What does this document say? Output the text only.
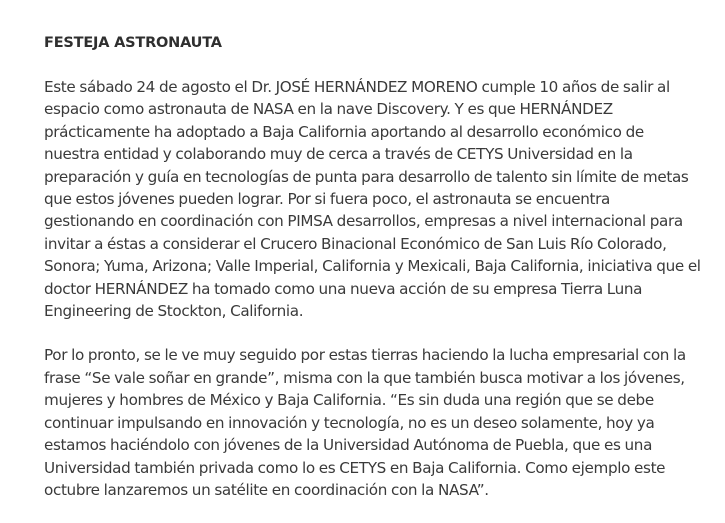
FESTEJA ASTRONAUTA

Este sábado 24 de agosto el Dr. JOSÉ HERNÁNDEZ MORENO cumple 10 años de salir al
espacio como astronauta de NASA en la nave Discovery. Y es que HERNÁNDEZ
prácticamente ha adoptado a Baja California aportando al desarrollo económico de
nuestra entidad y colaborando muy de cerca a través de CETYS Universidad en la
preparación y guía en tecnologías de punta para desarrollo de talento sin límite de metas
que estos jóvenes pueden lograr. Por si fuera poco, el astronauta se encuentra
gestionando en coordinación con PIMSA desarrollos, empresas a nivel internacional para
invitar a éstas a considerar el Crucero Binacional Económico de San Luis Río Colorado,
Sonora; Yuma, Arizona; Valle Imperial, California y Mexicali, Baja California, iniciativa que el
doctor HERNÁNDEZ ha tomado como una nueva acción de su empresa Tierra Luna
Engineering de Stockton, California.

Por lo pronto, se le ve muy seguido por estas tierras haciendo la lucha empresarial con la
frase “Se vale soñar en grande”, misma con la que también busca motivar a los jóvenes,
mujeres y hombres de México y Baja California. “Es sin duda una región que se debe
continuar impulsando en innovación y tecnología, no es un deseo solamente, hoy ya
estamos haciéndolo con jóvenes de la Universidad Autónoma de Puebla, que es una
Universidad también privada como lo es CETYS en Baja California. Como ejemplo este
octubre lanzaremos un satélite en coordinación con la NASA”.
